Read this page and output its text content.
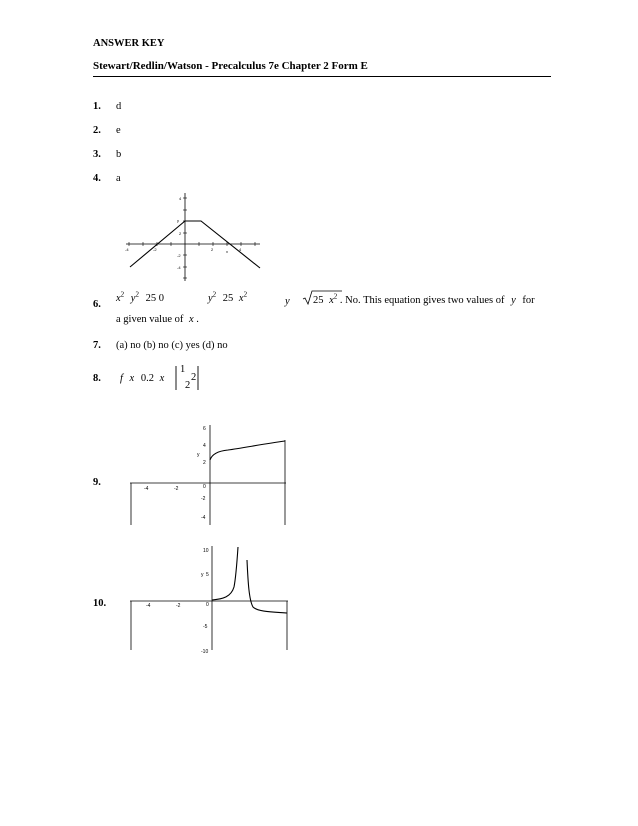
ANSWER KEY
Stewart/Redlin/Watson - Precalculus 7e Chapter 2 Form E
1. d
2. e
3. b
4. a
-4	-2	2	4
x
y
4
2
-2
-4
6.
$x^2$ $y^2$ 25 0	$y^2$ 25 $x^2$
y 25 $x^2$ . No. This equation gives two values of y for
a given value of x .
7. (a) no (b) no (c) yes (d) no
8. f x 0.2 x
1
2
2
9.
6
4
y
2
0
-2
-4
-4	-2
10.
10
y 5
0
-5
-10
-4	-2
